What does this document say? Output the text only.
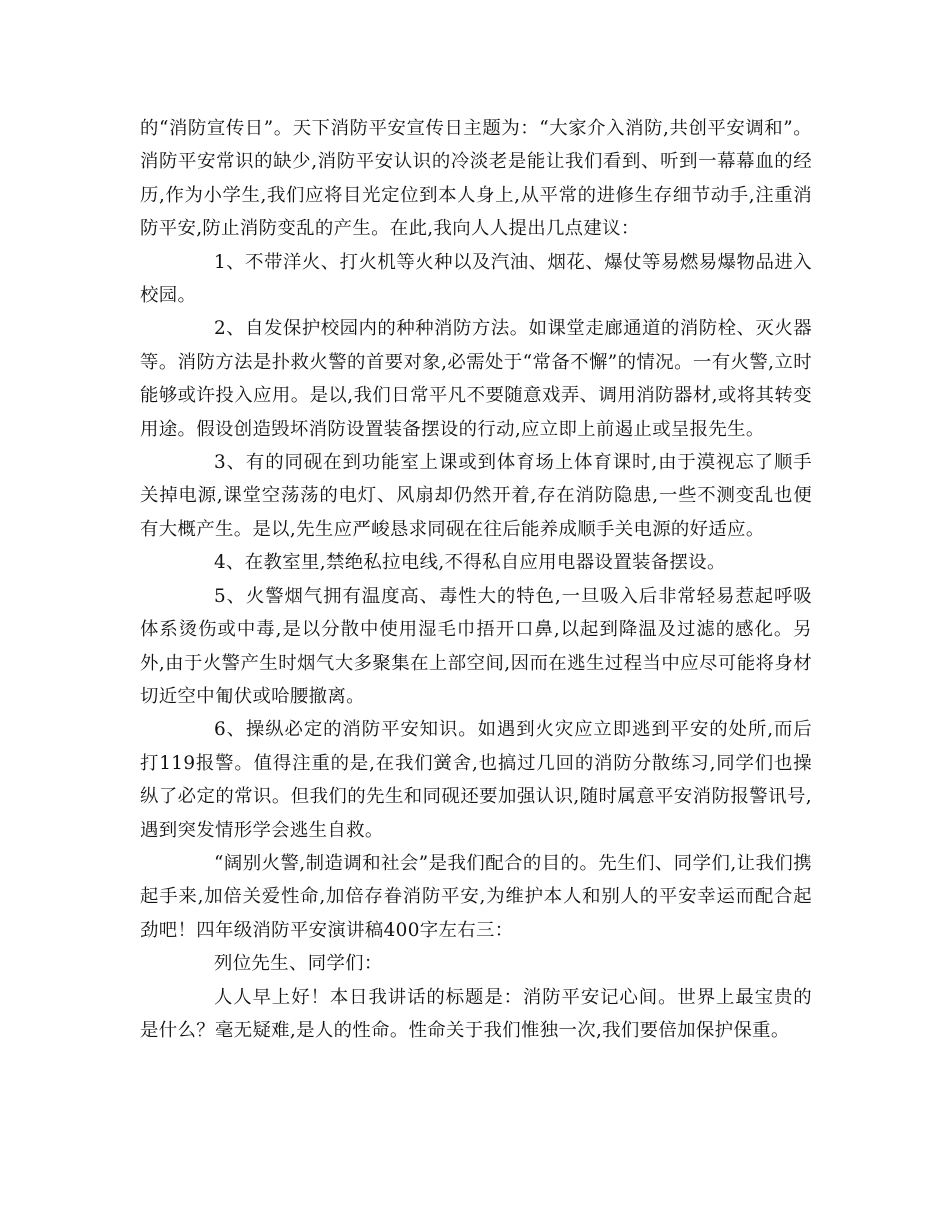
的“消防宣传日”。天下消防平安宣传日主题为：“大家介入消防,共创平安调和”。消防平安常识的缺少,消防平安认识的冷淡老是能让我们看到、听到一幕幕血的经历,作为小学生,我们应将目光定位到本人身上,从平常的进修生存细节动手,注重消防平安,防止消防变乱的产生。在此,我向人人提出几点建议：

1、不带洋火、打火机等火种以及汽油、烟花、爆仗等易燃易爆物品进入校园。

2、自发保护校园内的种种消防方法。如课堂走廊通道的消防栓、灭火器等。消防方法是扑救火警的首要对象,必需处于“常备不懈”的情况。一有火警,立时能够或许投入应用。是以,我们日常平凡不要随意戏弄、调用消防器材,或将其转变用途。假设创造毁坏消防设置装备摆设的行动,应立即上前遏止或呈报先生。

3、有的同砚在到功能室上课或到体育场上体育课时,由于漠视忘了顺手关掉电源,课堂空荡荡的电灯、风扇却仍然开着,存在消防隐患,一些不测变乱也便有大概产生。是以,先生应严峻恳求同砚在往后能养成顺手关电源的好适应。

4、在教室里,禁绝私拉电线,不得私自应用电器设置装备摆设。

5、火警烟气拥有温度高、毒性大的特色,一旦吸入后非常轻易惹起呼吸体系烫伤或中毒,是以分散中使用湿毛巾捂开口鼻,以起到降温及过滤的感化。另外,由于火警产生时烟气大多聚集在上部空间,因而在逃生过程当中应尽可能将身材切近空中匍伏或哈腰撤离。

6、操纵必定的消防平安知识。如遇到火灾应立即逃到平安的处所,而后打119报警。值得注重的是,在我们黉舍,也搞过几回的消防分散练习,同学们也操纵了必定的常识。但我们的先生和同砚还要加强认识,随时属意平安消防报警讯号,遇到突发情形学会逃生自救。

“阔别火警,制造调和社会”是我们配合的目的。先生们、同学们,让我们携起手来,加倍关爱性命,加倍存眷消防平安,为维护本人和别人的平安幸运而配合起劲吧！四年级消防平安演讲稿400字左右三：

列位先生、同学们：

人人早上好！本日我讲话的标题是：消防平安记心间。世界上最宝贵的是什么？毫无疑难,是人的性命。性命关于我们惟独一次,我们要倍加保护保重。
